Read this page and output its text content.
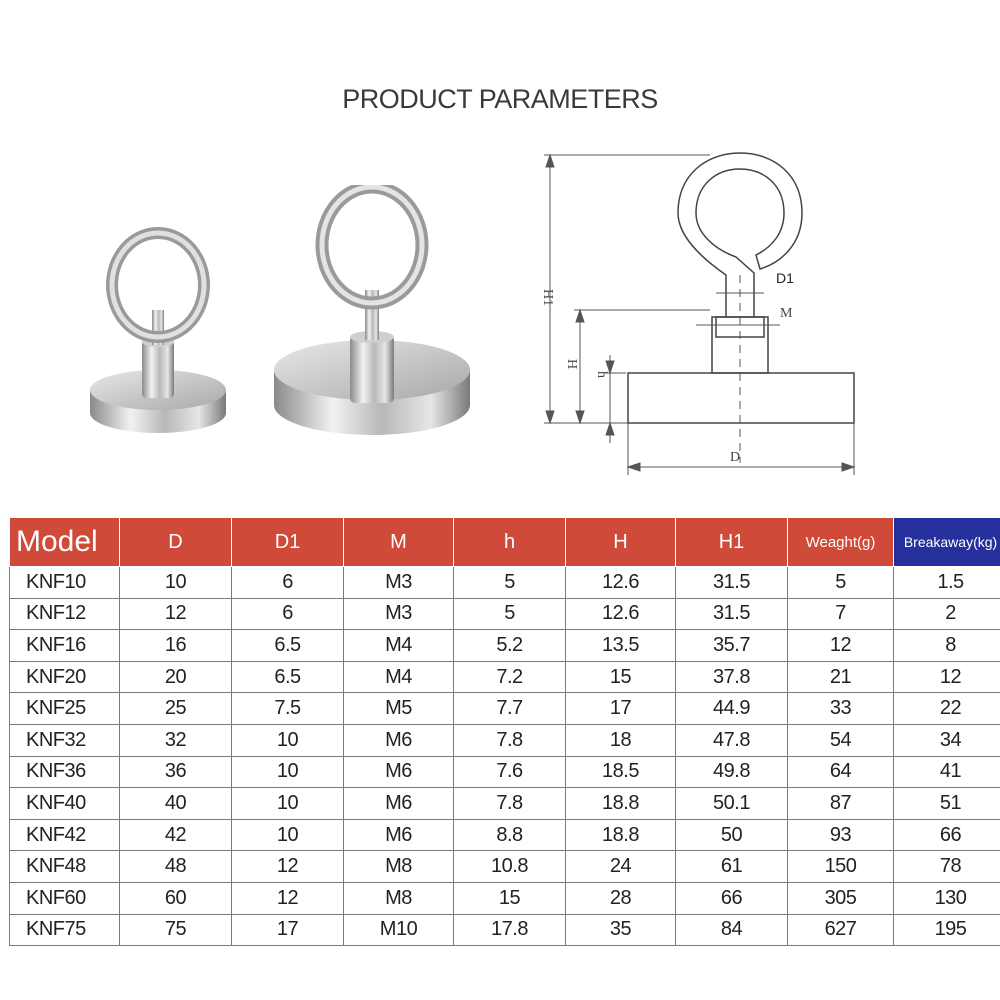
PRODUCT PARAMETERS
H1
H
h
D1
M
D
Model	D	D1	M	h	H	H1	Weaght(g)	Breakaway(kg)
KNF10	10	6	M3	5	12.6	31.5	5	1.5
KNF12	12	6	M3	5	12.6	31.5	7	2
KNF16	16	6.5	M4	5.2	13.5	35.7	12	8
KNF20	20	6.5	M4	7.2	15	37.8	21	12
KNF25	25	7.5	M5	7.7	17	44.9	33	22
KNF32	32	10	M6	7.8	18	47.8	54	34
KNF36	36	10	M6	7.6	18.5	49.8	64	41
KNF40	40	10	M6	7.8	18.8	50.1	87	51
KNF42	42	10	M6	8.8	18.8	50	93	66
KNF48	48	12	M8	10.8	24	61	150	78
KNF60	60	12	M8	15	28	66	305	130
KNF75	75	17	M10	17.8	35	84	627	195
